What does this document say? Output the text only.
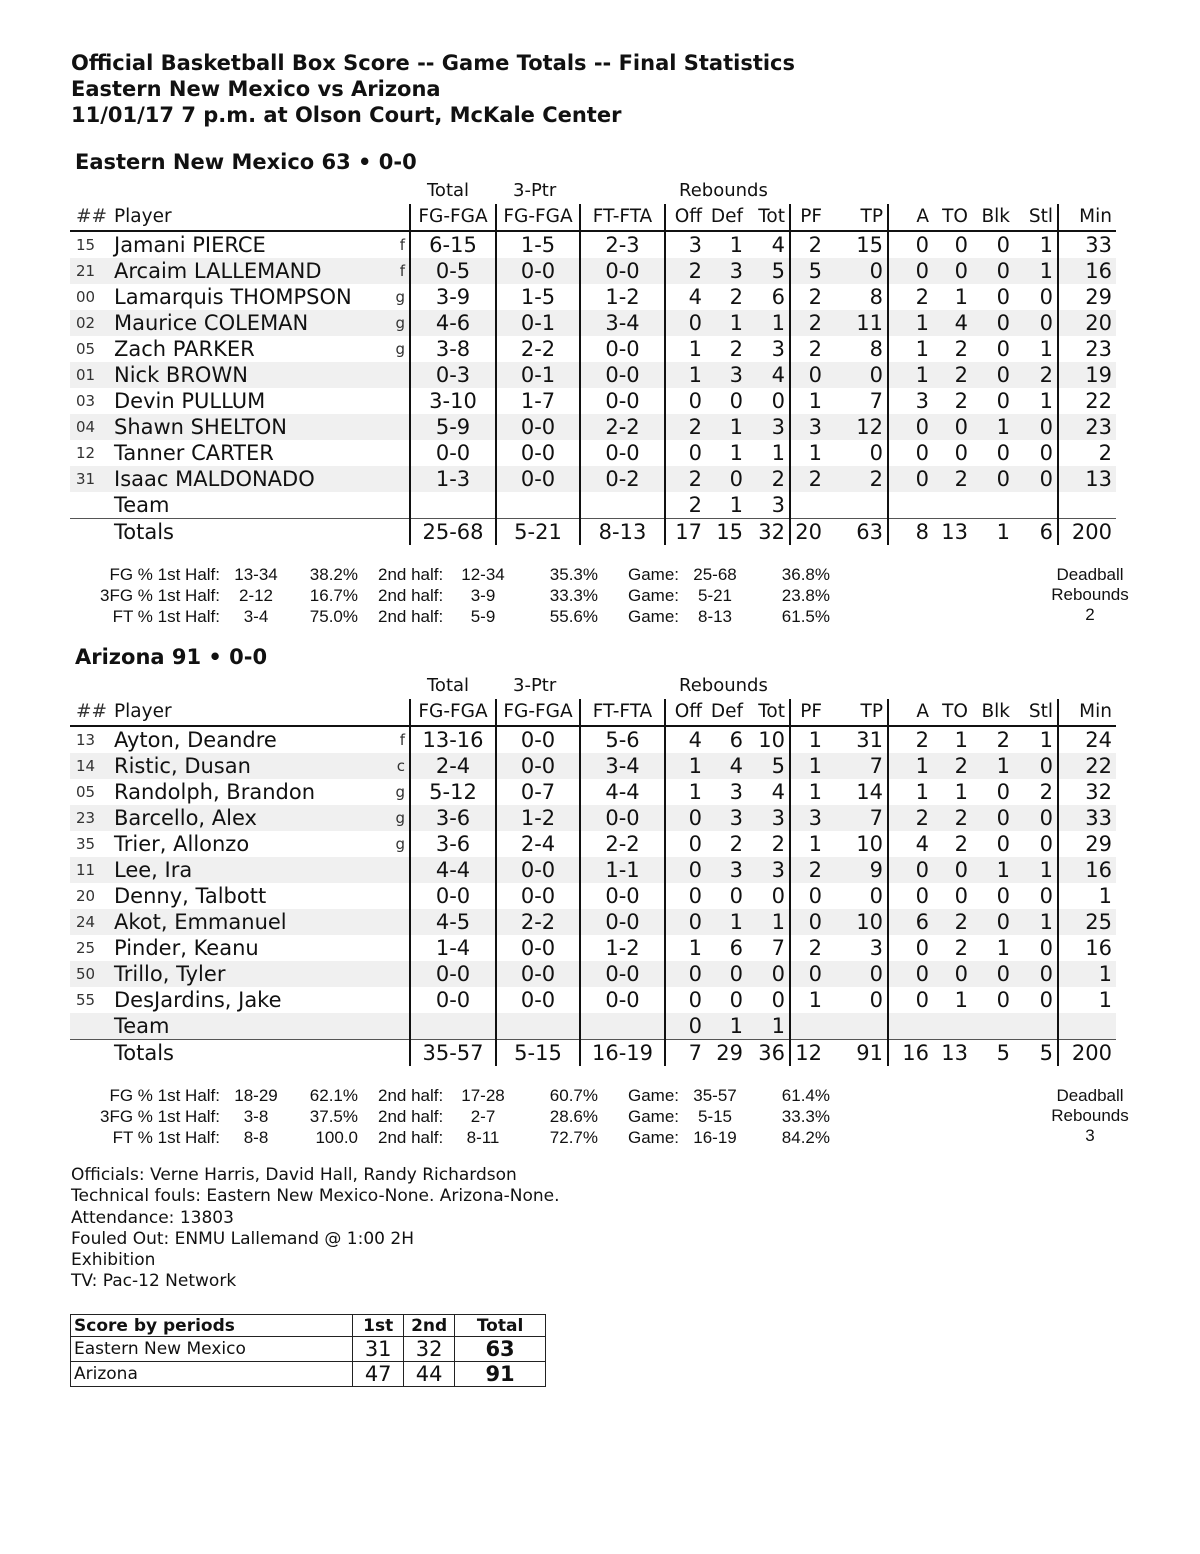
Official Basketball Box Score -- Game Totals -- Final Statistics
Eastern New Mexico vs Arizona
11/01/17 7 p.m. at Olson Court, McKale Center
Eastern New Mexico 63 • 0-0
Total 3-Ptr	Rebounds
##	Player		FG-FGA	FG-FGA	FT-FTA	Off	Def	Tot	PF	TP	A	TO	Blk	Stl	Min
15	Jamani PIERCE	f	6-15	1-5	2-3	3	1	4	2	15	0	0	0	1	33
21	Arcaim LALLEMAND	f	0-5	0-0	0-0	2	3	5	5	0	0	0	0	1	16
00	Lamarquis THOMPSON	g	3-9	1-5	1-2	4	2	6	2	8	2	1	0	0	29
02	Maurice COLEMAN	g	4-6	0-1	3-4	0	1	1	2	11	1	4	0	0	20
05	Zach PARKER	g	3-8	2-2	0-0	1	2	3	2	8	1	2	0	1	23
01	Nick BROWN		0-3	0-1	0-0	1	3	4	0	0	1	2	0	2	19
03	Devin PULLUM		3-10	1-7	0-0	0	0	0	1	7	3	2	0	1	22
04	Shawn SHELTON		5-9	0-0	2-2	2	1	3	3	12	0	0	1	0	23
12	Tanner CARTER		0-0	0-0	0-0	0	1	1	1	0	0	0	0	0	2
31	Isaac MALDONADO		1-3	0-0	0-2	2	0	2	2	2	0	2	0	0	13
	Team					2	1	3							
	Totals		25-68	5-21	8-13	17	15	32	20	63	8	13	1	6	200
FG % 1st Half: 13-34	38.2% 2nd half:	12-34	35.3% Game: 25-68	36.8%
3FG % 1st Half:	2-12	16.7% 2nd half:	3-9	33.3% Game:	5-21	23.8%
FT % 1st Half:	3-4	75.0% 2nd half:	5-9	55.6% Game:	8-13	61.5%
Deadball
Rebounds
2
Arizona 91 • 0-0
Total 3-Ptr	Rebounds
##	Player		FG-FGA	FG-FGA	FT-FTA	Off	Def	Tot	PF	TP	A	TO	Blk	Stl	Min
13	Ayton, Deandre	f	13-16	0-0	5-6	4	6	10	1	31	2	1	2	1	24
14	Ristic, Dusan	c	2-4	0-0	3-4	1	4	5	1	7	1	2	1	0	22
05	Randolph, Brandon	g	5-12	0-7	4-4	1	3	4	1	14	1	1	0	2	32
23	Barcello, Alex	g	3-6	1-2	0-0	0	3	3	3	7	2	2	0	0	33
35	Trier, Allonzo	g	3-6	2-4	2-2	0	2	2	1	10	4	2	0	0	29
11	Lee, Ira		4-4	0-0	1-1	0	3	3	2	9	0	0	1	1	16
20	Denny, Talbott		0-0	0-0	0-0	0	0	0	0	0	0	0	0	0	1
24	Akot, Emmanuel		4-5	2-2	0-0	0	1	1	0	10	6	2	0	1	25
25	Pinder, Keanu		1-4	0-0	1-2	1	6	7	2	3	0	2	1	0	16
50	Trillo, Tyler		0-0	0-0	0-0	0	0	0	0	0	0	0	0	0	1
55	DesJardins, Jake		0-0	0-0	0-0	0	0	0	1	0	0	1	0	0	1
	Team					0	1	1							
	Totals		35-57	5-15	16-19	7	29	36	12	91	16	13	5	5	200
FG % 1st Half: 18-29	62.1% 2nd half:	17-28	60.7% Game: 35-57	61.4%
3FG % 1st Half:	3-8	37.5% 2nd half:	2-7	28.6% Game:	5-15	33.3%
FT % 1st Half:	8-8	100.0 2nd half:	8-11	72.7% Game: 16-19	84.2%
Deadball
Rebounds
3
Officials: Verne Harris, David Hall, Randy Richardson
Technical fouls: Eastern New Mexico-None. Arizona-None.
Attendance: 13803
Fouled Out: ENMU Lallemand @ 1:00 2H
Exhibition
TV: Pac-12 Network
Score by periods	1st	2nd	Total
Eastern New Mexico	31	32	63
Arizona	47	44	91
